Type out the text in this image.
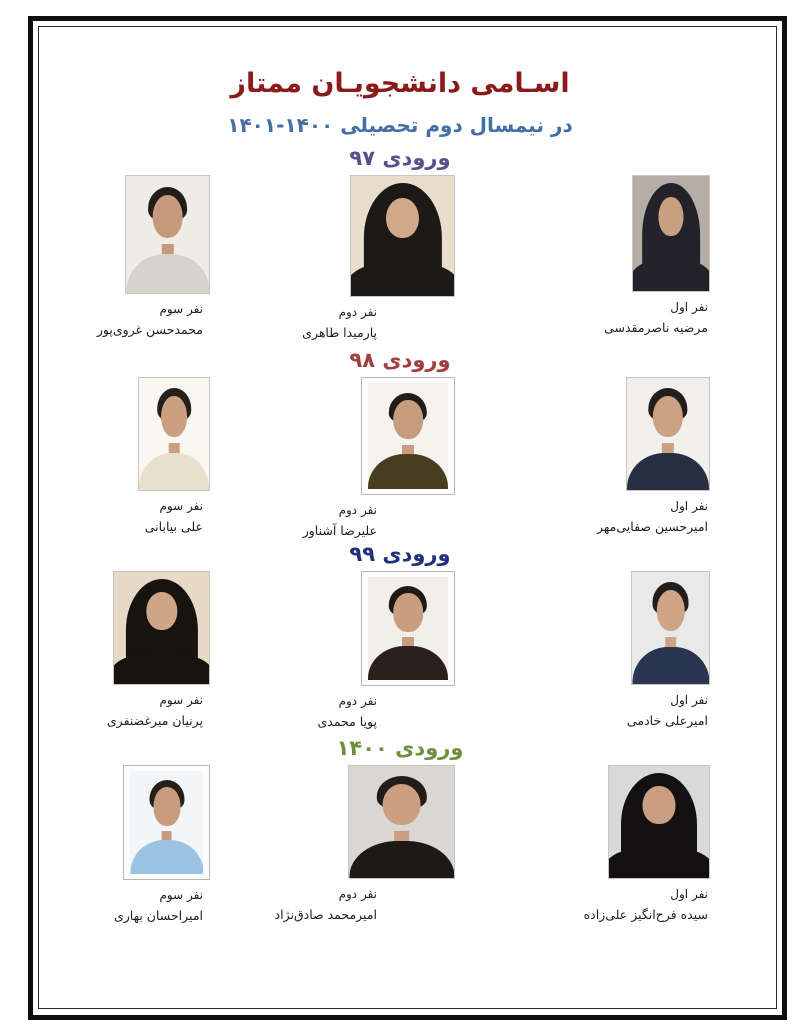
اسـامی دانشجویـان ممتاز
در نیمسال دوم تحصیلی ۱۴۰۰-۱۴۰۱
ورودی ۹۷
نفر اول
مرضیه ناصرمقدسی
نفر دوم
پارمیدا طاهری
نفر سوم
محمدحسن غروی‌پور
ورودی ۹۸
نفر اول
امیرحسین صفایی‌مهر
نفر دوم
علیرضا آشناور
نفر سوم
علی بیابانی
ورودی ۹۹
نفر اول
امیرعلی خادمی
نفر دوم
پویا محمدی
نفر سوم
پرنیان میرغضنفری
ورودی ۱۴۰۰
نفر اول
سیده فرح‌انگیز علی‌زاده
نفر دوم
امیرمحمد صادق‌نژاد
نفر سوم
امیراحسان بهاری
